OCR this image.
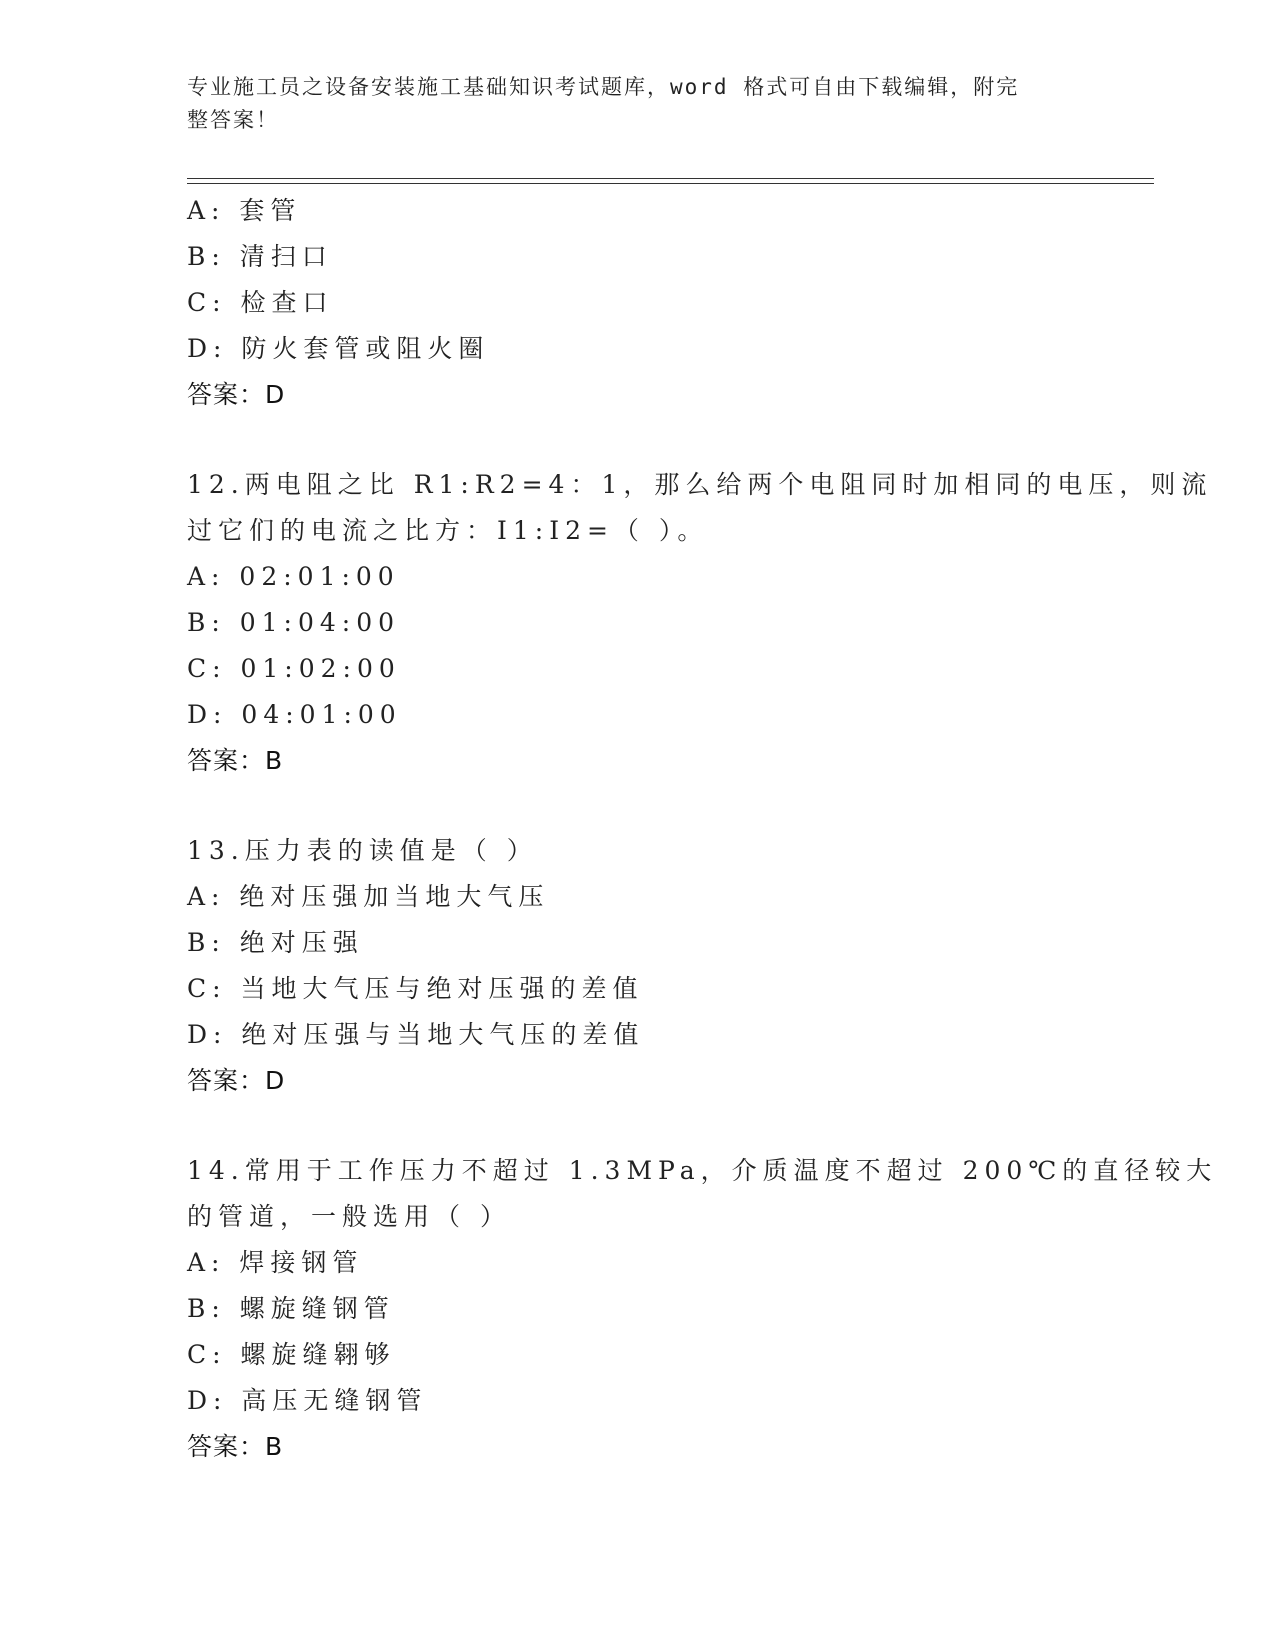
专业施工员之设备安装施工基础知识考试题库，word 格式可自由下载编辑，附完
整答案！
A: 套管
B: 清扫口
C: 检查口
D: 防火套管或阻火圈
答案：D
12.两电阻之比 R1:R2=4：1，那么给两个电阻同时加相同的电压，则流
过它们的电流之比方：I1:I2=（ ）。
A: 02:01:00
B: 01:04:00
C: 01:02:00
D: 04:01:00
答案：B
13.压力表的读值是（ ）
A: 绝对压强加当地大气压
B: 绝对压强
C: 当地大气压与绝对压强的差值
D: 绝对压强与当地大气压的差值
答案：D
14.常用于工作压力不超过 1.3MPa，介质温度不超过 200℃的直径较大
的管道，一般选用（ ）
A: 焊接钢管
B: 螺旋缝钢管
C: 螺旋缝翱够
D: 高压无缝钢管
答案：B
